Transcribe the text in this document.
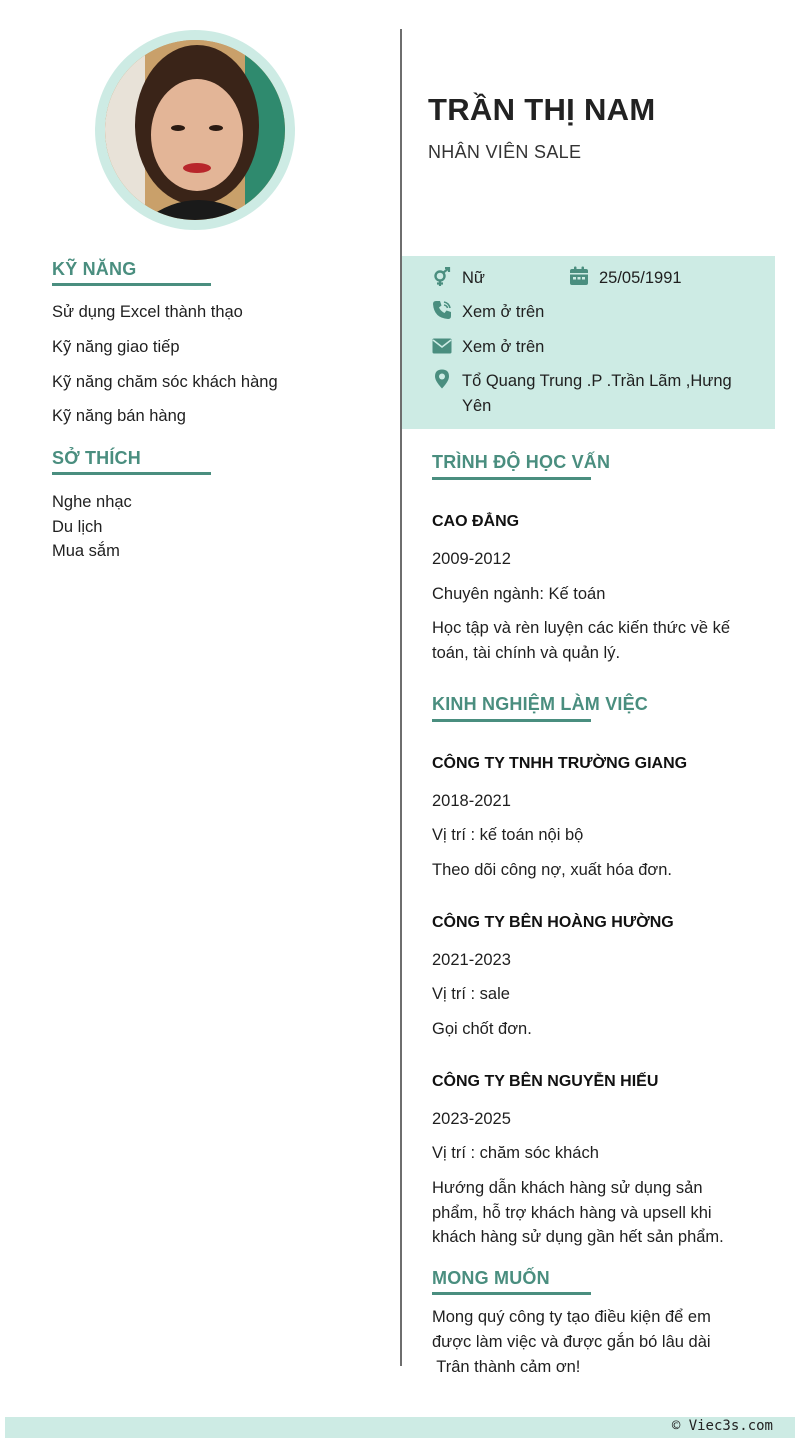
KỸ NĂNG
Sử dụng Excel thành thạo
Kỹ năng giao tiếp
Kỹ năng chăm sóc khách hàng
Kỹ năng bán hàng
SỞ THÍCH
Nghe nhạc
Du lịch
Mua sắm
TRẦN THỊ NAM
NHÂN VIÊN SALE
Nữ	25/05/1991
Xem ở trên
Xem ở trên
Tổ Quang Trung .P .Trần Lãm ,Hưng
Yên
TRÌNH ĐỘ HỌC VẤN
CAO ĐẲNG
2009-2012
Chuyên ngành: Kế toán
Học tập và rèn luyện các kiến thức về kế
toán, tài chính và quản lý.
KINH NGHIỆM LÀM VIỆC
CÔNG TY TNHH TRƯỜNG GIANG
2018-2021
Vị trí : kế toán nội bộ
Theo dõi công nợ, xuất hóa đơn.
CÔNG TY BÊN HOÀNG HƯỜNG
2021-2023
Vị trí : sale
Gọi chốt đơn.
CÔNG TY BÊN NGUYỄN HIẾU
2023-2025
Vị trí : chăm sóc khách
Hướng dẫn khách hàng sử dụng sản
phẩm, hỗ trợ khách hàng và upsell khi
khách hàng sử dụng gần hết sản phẩm.
MONG MUỐN
Mong quý công ty tạo điều kiện để em
được làm việc và được gắn bó lâu dài
Trân thành cảm ơn!
© Viec3s.com
